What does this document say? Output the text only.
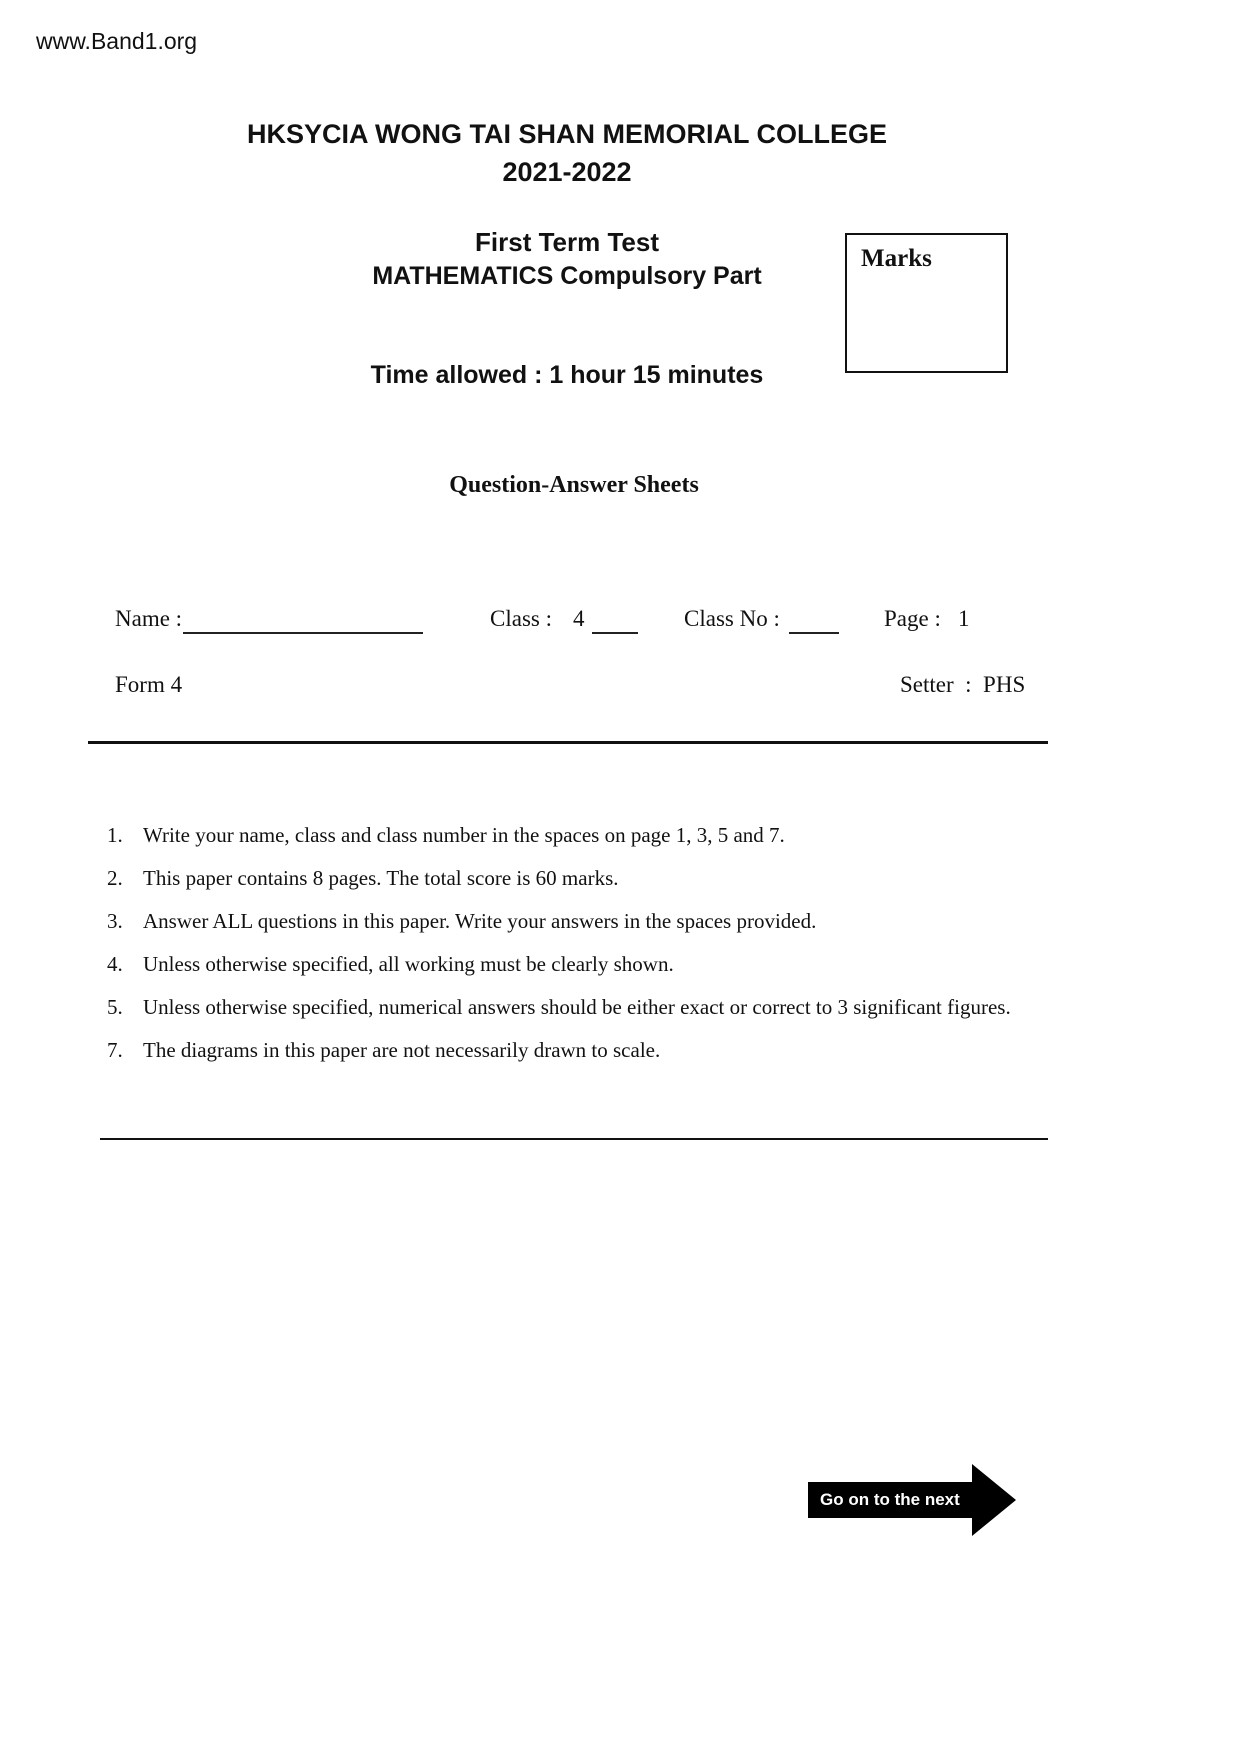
www.Band1.org
HKSYCIA WONG TAI SHAN MEMORIAL COLLEGE
2021-2022
First Term Test
MATHEMATICS Compulsory Part
Time allowed : 1 hour 15 minutes
Marks
Question-Answer Sheets
Name :	Class : 4	Class No :	Page : 1
Form 4	Setter  :  PHS
1. Write your name, class and class number in the spaces on page 1, 3, 5 and 7.
2. This paper contains 8 pages. The total score is 60 marks.
3. Answer ALL questions in this paper. Write your answers in the spaces provided.
4. Unless otherwise specified, all working must be clearly shown.
5. Unless otherwise specified, numerical answers should be either exact or correct to 3 significant figures.
7. The diagrams in this paper are not necessarily drawn to scale.
Go on to the next
